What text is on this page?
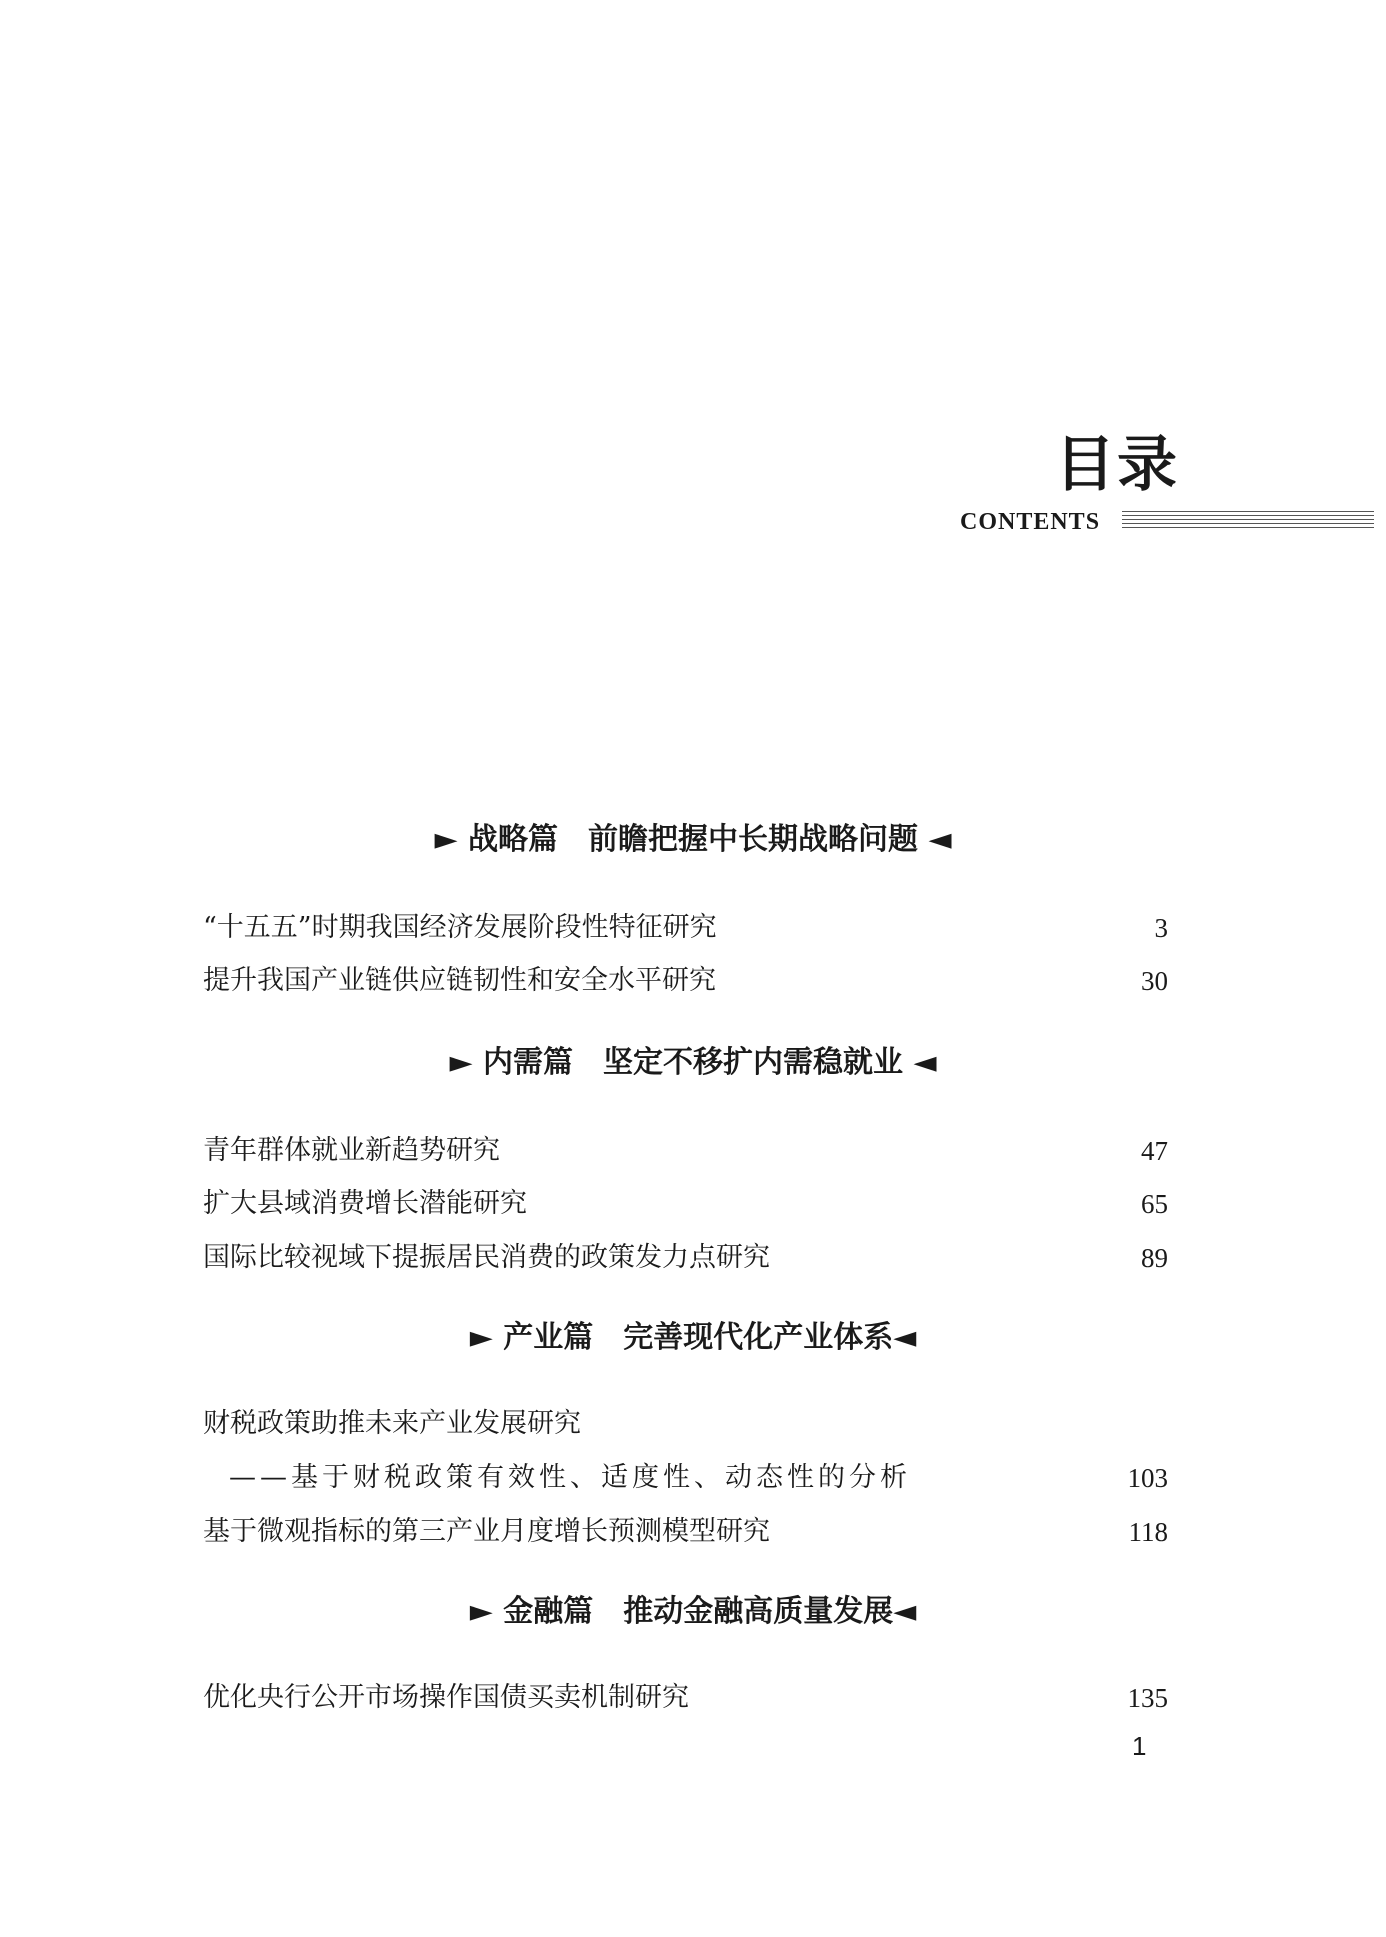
目录
CONTENTS
► 战略篇　前瞻把握中长期战略问题 ◄
“十五五”时期我国经济发展阶段性特征研究	3
提升我国产业链供应链韧性和安全水平研究	30
► 内需篇　坚定不移扩内需稳就业 ◄
青年群体就业新趋势研究	47
扩大县域消费增长潜能研究	65
国际比较视域下提振居民消费的政策发力点研究	89
► 产业篇　完善现代化产业体系◄
财税政策助推未来产业发展研究
——基于财税政策有效性、适度性、动态性的分析	103
基于微观指标的第三产业月度增长预测模型研究	118
► 金融篇　推动金融高质量发展◄
优化央行公开市场操作国债买卖机制研究	135
1
